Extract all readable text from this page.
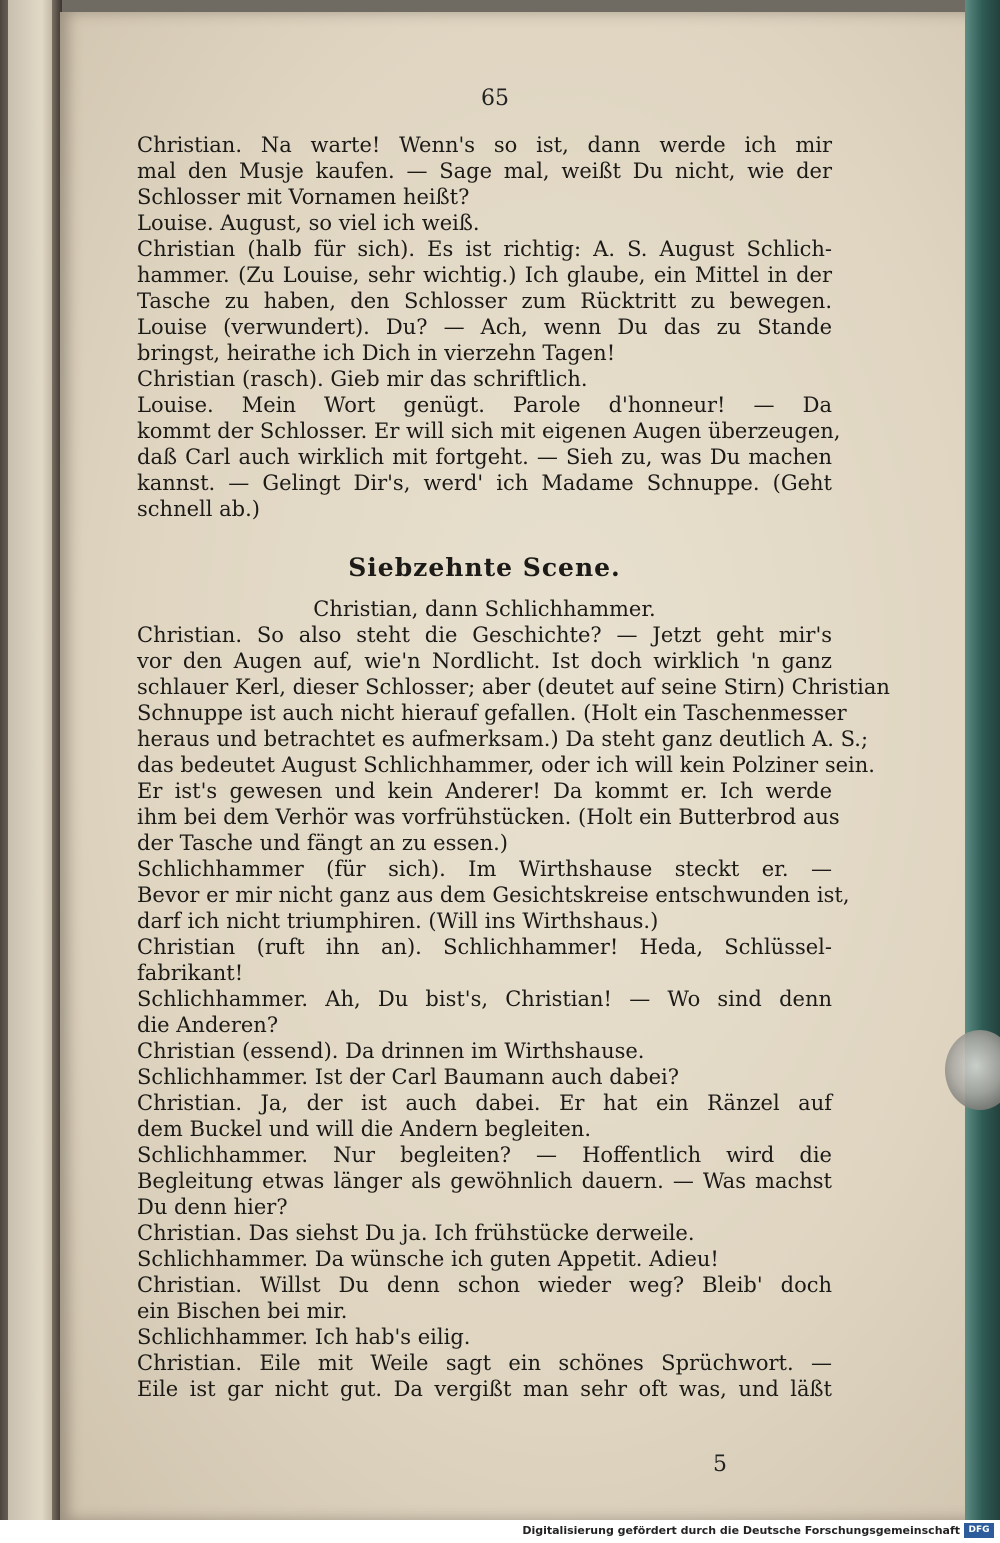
65
Christian. Na warte! Wenn's so ist, dann werde ich mir
mal den Musje kaufen. — Sage mal, weißt Du nicht, wie der
Schlosser mit Vornamen heißt?
Louise. August, so viel ich weiß.
Christian (halb für sich). Es ist richtig: A. S. August Schlich-
hammer. (Zu Louise, sehr wichtig.) Ich glaube, ein Mittel in der
Tasche zu haben, den Schlosser zum Rücktritt zu bewegen.
Louise (verwundert). Du? — Ach, wenn Du das zu Stande
bringst, heirathe ich Dich in vierzehn Tagen!
Christian (rasch). Gieb mir das schriftlich.
Louise. Mein Wort genügt. Parole d'honneur! — Da
kommt der Schlosser. Er will sich mit eigenen Augen überzeugen,
daß Carl auch wirklich mit fortgeht. — Sieh zu, was Du machen
kannst. — Gelingt Dir's, werd' ich Madame Schnuppe. (Geht
schnell ab.)
Siebzehnte Scene.
Christian, dann Schlichhammer.
Christian. So also steht die Geschichte? — Jetzt geht mir's
vor den Augen auf, wie'n Nordlicht. Ist doch wirklich 'n ganz
schlauer Kerl, dieser Schlosser; aber (deutet auf seine Stirn) Christian
Schnuppe ist auch nicht hierauf gefallen. (Holt ein Taschenmesser
heraus und betrachtet es aufmerksam.) Da steht ganz deutlich A. S.;
das bedeutet August Schlichhammer, oder ich will kein Polziner sein.
Er ist's gewesen und kein Anderer! Da kommt er. Ich werde
ihm bei dem Verhör was vorfrühstücken. (Holt ein Butterbrod aus
der Tasche und fängt an zu essen.)
Schlichhammer (für sich). Im Wirthshause steckt er. —
Bevor er mir nicht ganz aus dem Gesichtskreise entschwunden ist,
darf ich nicht triumphiren. (Will ins Wirthshaus.)
Christian (ruft ihn an). Schlichhammer! Heda, Schlüssel-
fabrikant!
Schlichhammer. Ah, Du bist's, Christian! — Wo sind denn
die Anderen?
Christian (essend). Da drinnen im Wirthshause.
Schlichhammer. Ist der Carl Baumann auch dabei?
Christian. Ja, der ist auch dabei. Er hat ein Ränzel auf
dem Buckel und will die Andern begleiten.
Schlichhammer. Nur begleiten? — Hoffentlich wird die
Begleitung etwas länger als gewöhnlich dauern. — Was machst
Du denn hier?
Christian. Das siehst Du ja. Ich frühstücke derweile.
Schlichhammer. Da wünsche ich guten Appetit. Adieu!
Christian. Willst Du denn schon wieder weg? Bleib' doch
ein Bischen bei mir.
Schlichhammer. Ich hab's eilig.
Christian. Eile mit Weile sagt ein schönes Sprüchwort. —
Eile ist gar nicht gut. Da vergißt man sehr oft was, und läßt
5
Digitalisierung gefördert durch die Deutsche Forschungsgemeinschaft DFG
